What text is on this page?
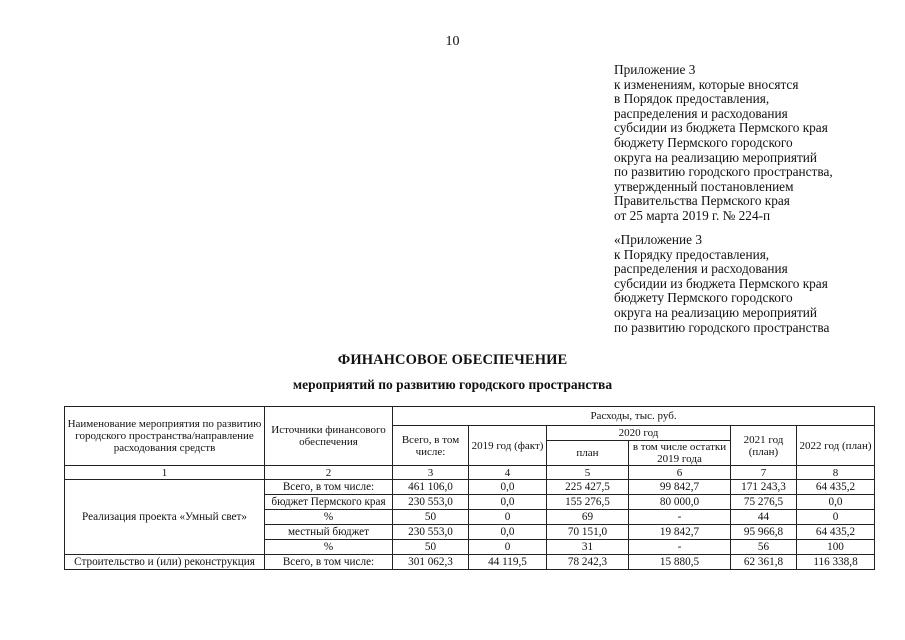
10
Приложение 3
к изменениям, которые вносятся
в Порядок предоставления,
распределения и расходования
субсидии из бюджета Пермского края
бюджету Пермского городского
округа на реализацию мероприятий
по развитию городского пространства,
утвержденный постановлением
Правительства Пермского края
от 25 марта 2019 г. № 224-п
«Приложение 3
к Порядку предоставления,
распределения и расходования
субсидии из бюджета Пермского края
бюджету Пермского городского
округа на реализацию мероприятий
по развитию городского пространства
ФИНАНСОВОЕ ОБЕСПЕЧЕНИЕ
мероприятий по развитию городского пространства
Наименование мероприятия по развитию городского пространства/направление расходования средств	Источники финансового обеспечения	Расходы, тыс. руб.					
		Всего, в том числе:	2019 год (факт)	2020 год		2021 год (план)	2022 год (план)
				план	в том числе остатки 2019 года		
1	2	3	4	5	6	7	8
Реализация проекта «Умный свет»	Всего, в том числе:	461 106,0	0,0	225 427,5	99 842,7	171 243,3	64 435,2
	бюджет Пермского края	230 553,0	0,0	155 276,5	80 000,0	75 276,5	0,0
	%	50	0	69	-	44	0
	местный бюджет	230 553,0	0,0	70 151,0	19 842,7	95 966,8	64 435,2
	%	50	0	31	-	56	100
Строительство и (или) реконструкция	Всего, в том числе:	301 062,3	44 119,5	78 242,3	15 880,5	62 361,8	116 338,8
